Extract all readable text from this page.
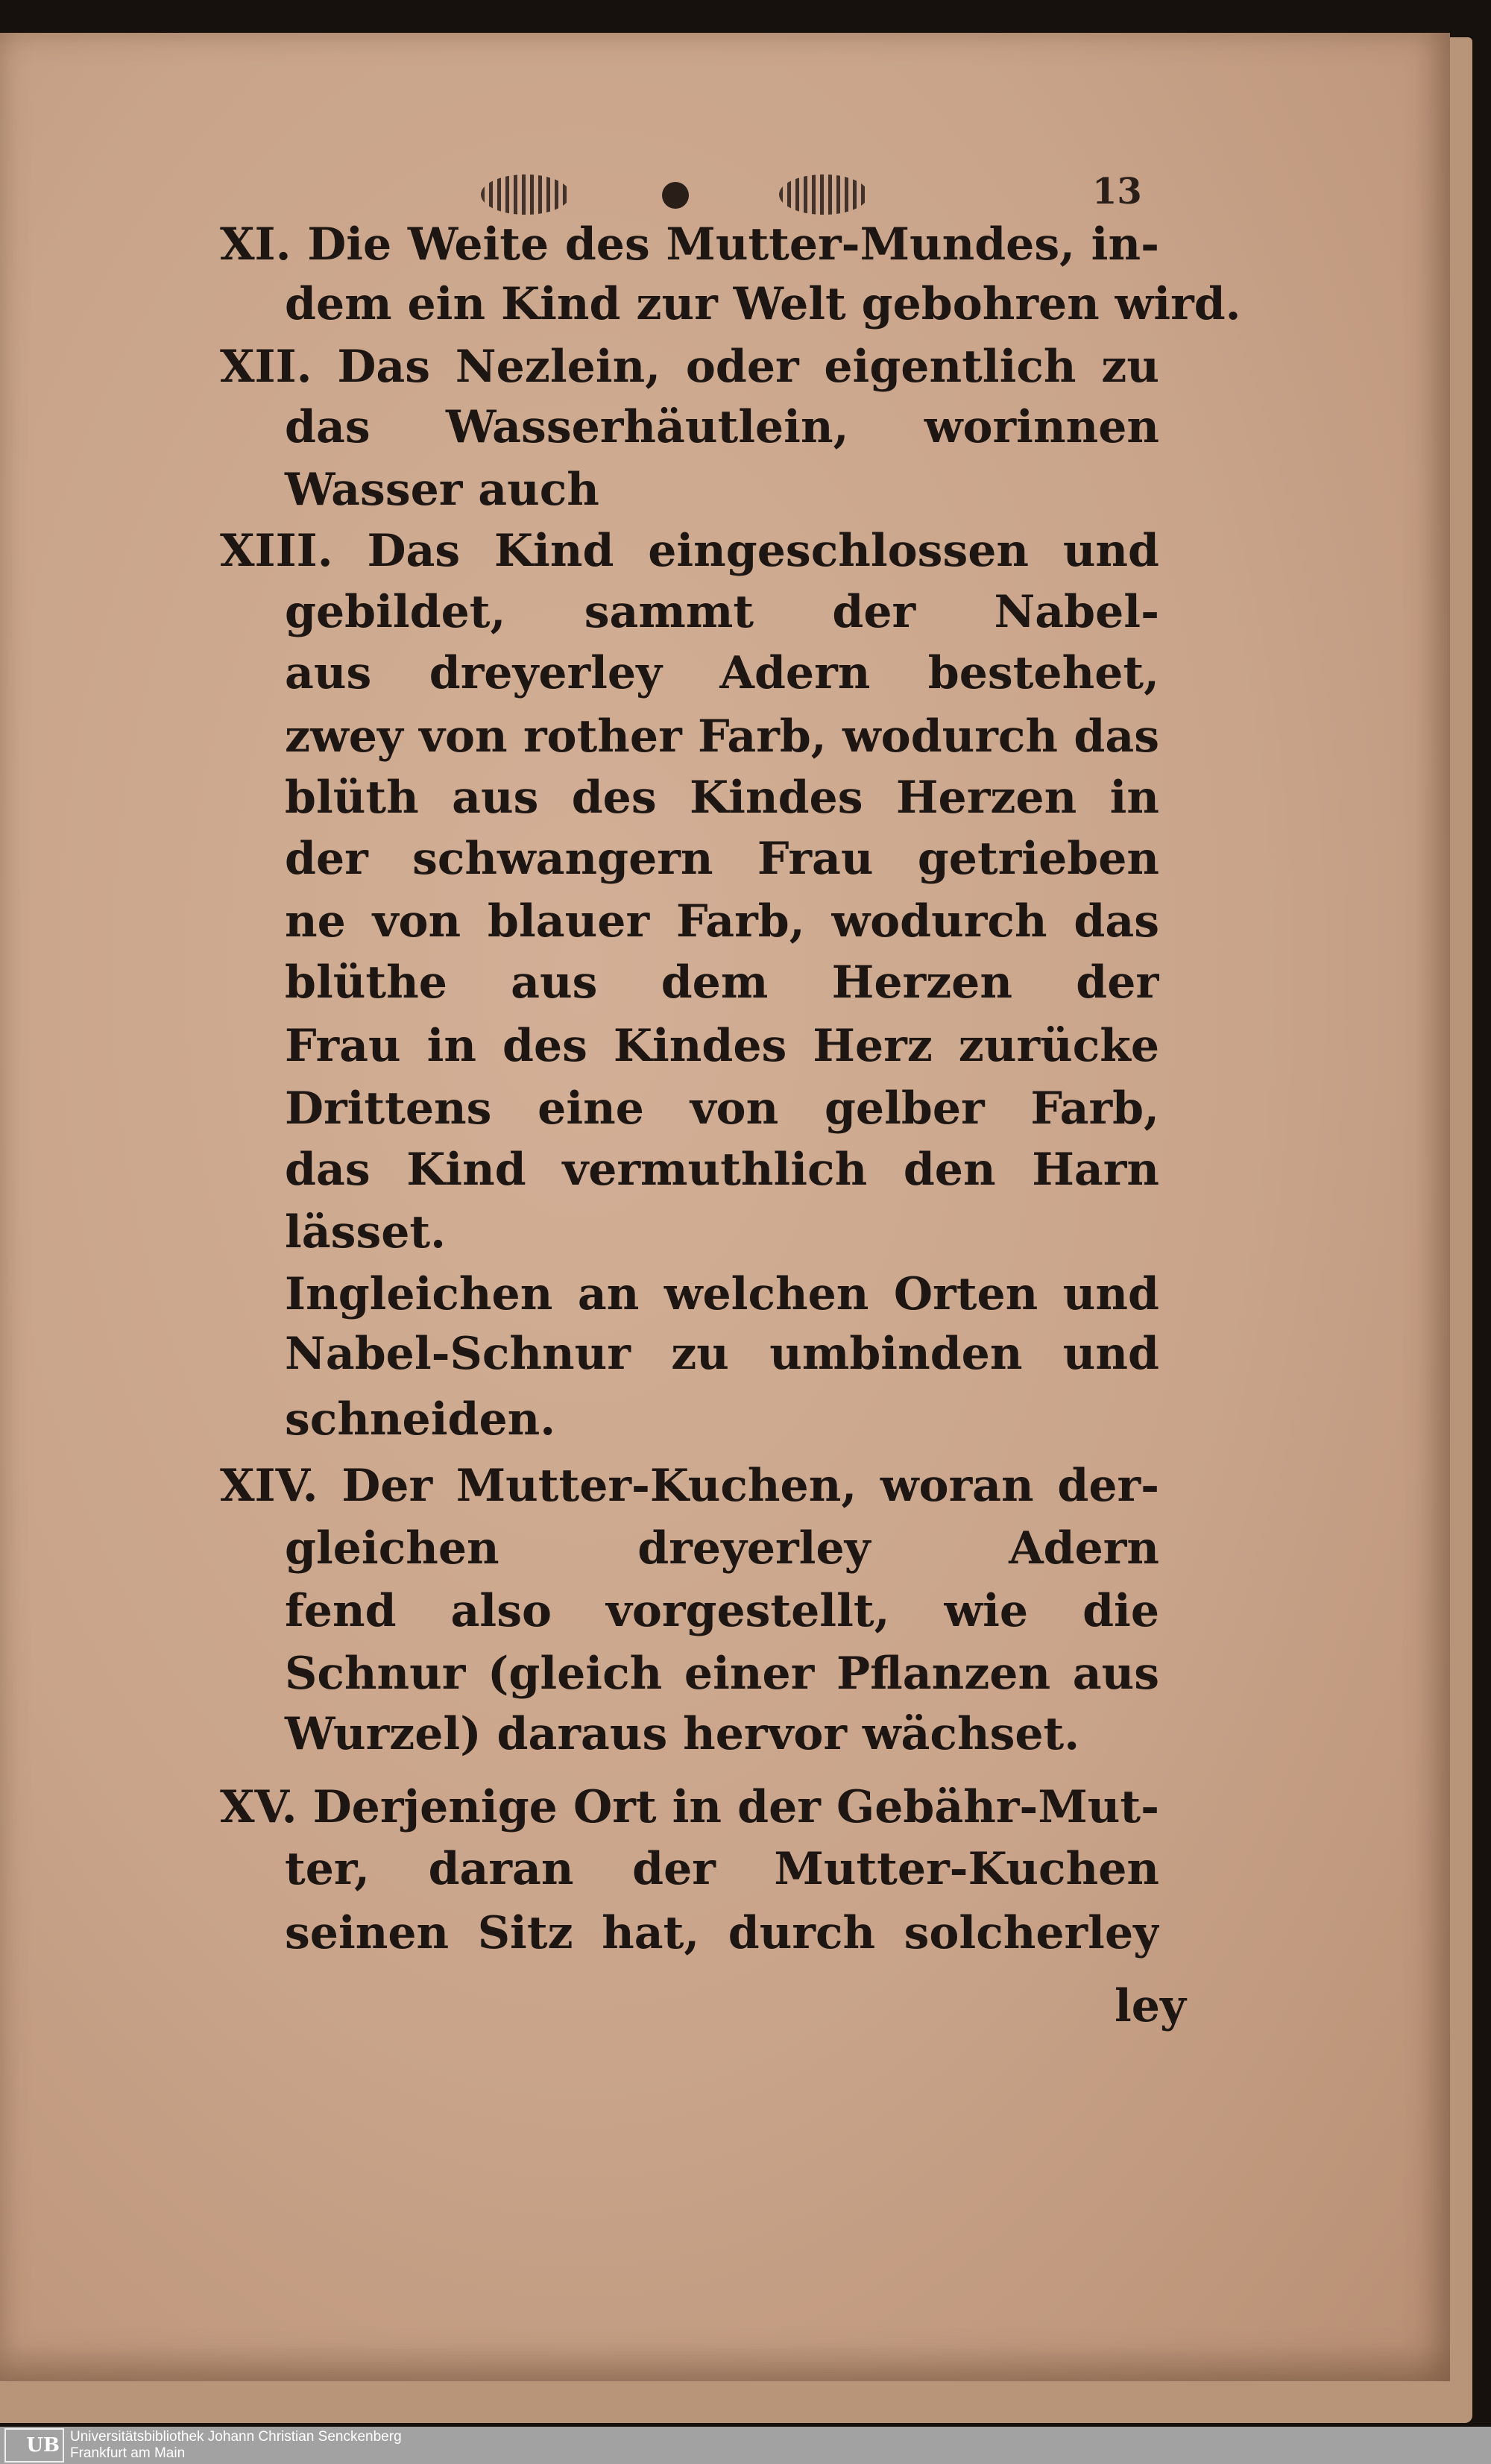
13
XI. Die Weite des Mutter-Mundes, in-
dem ein Kind zur Welt gebohren wird.
XII. Das Nezlein, oder eigentlich zu
das Wasserhäutlein, worinnen
Wasser auch
XIII. Das Kind eingeschlossen und
gebildet, sammt der Nabel-
aus dreyerley Adern bestehet,
zwey von rother Farb, wodurch das
blüth aus des Kindes Herzen in
der schwangern Frau getrieben
ne von blauer Farb, wodurch das
blüthe aus dem Herzen der
Frau in des Kindes Herz zurücke
Drittens eine von gelber Farb,
das Kind vermuthlich den Harn
lässet.
Ingleichen an welchen Orten und
Nabel-Schnur zu umbinden und
schneiden.
XIV. Der Mutter-Kuchen, woran der-
gleichen dreyerley Adern
fend also vorgestellt, wie die
Schnur (gleich einer Pflanzen aus
Wurzel) daraus hervor wächset.
XV. Derjenige Ort in der Gebähr-Mut-
ter, daran der Mutter-Kuchen
seinen Sitz hat, durch solcherley
ley
UB Universitätsbibliothek Johann Christian Senckenberg
Frankfurt am Main
